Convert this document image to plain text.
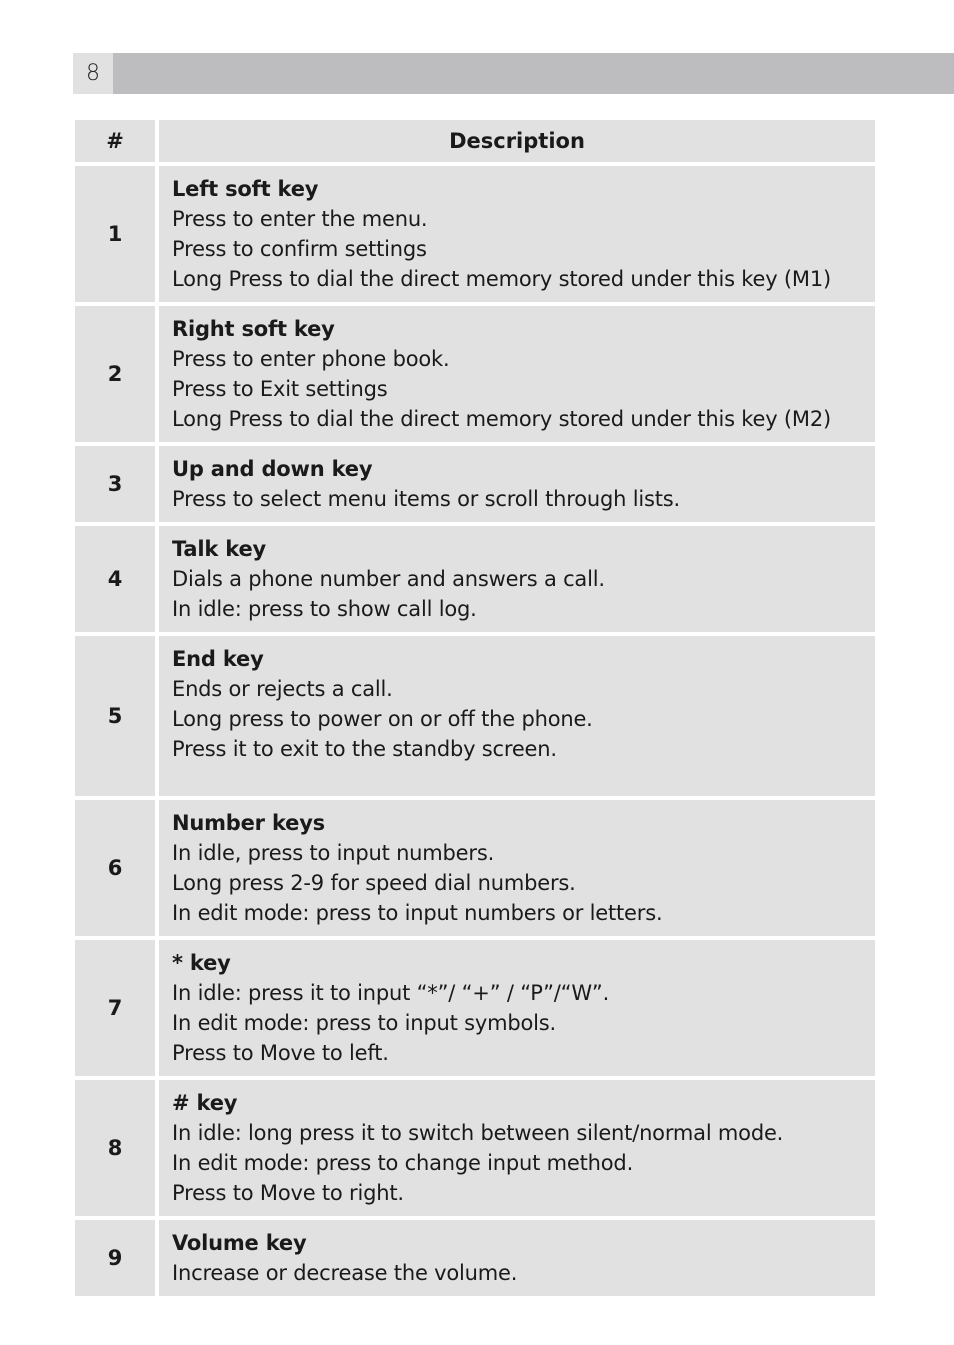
8
#	Description
1	Left soft key
Press to enter the menu.
Press to confirm settings
Long Press to dial the direct memory stored under this key (M1)

2	Right soft key
Press to enter phone book.
Press to Exit settings
Long Press to dial the direct memory stored under this key (M2)

3	Up and down key
Press to select menu items or scroll through lists.

4	Talk key
Dials a phone number and answers a call.
In idle: press to show call log.

5	End key
Ends or rejects a call.
Long press to power on or off the phone.
Press it to exit to the standby screen.

6	Number keys
In idle, press to input numbers.
Long press 2-9 for speed dial numbers.
In edit mode: press to input numbers or letters.

7	* key
In idle: press it to input “*”/ “+” / “P”/“W”.
In edit mode: press to input symbols.
Press to Move to left.

8	# key
In idle: long press it to switch between silent/normal mode.
In edit mode: press to change input method.
Press to Move to right.

9	Volume key
Increase or decrease the volume.
